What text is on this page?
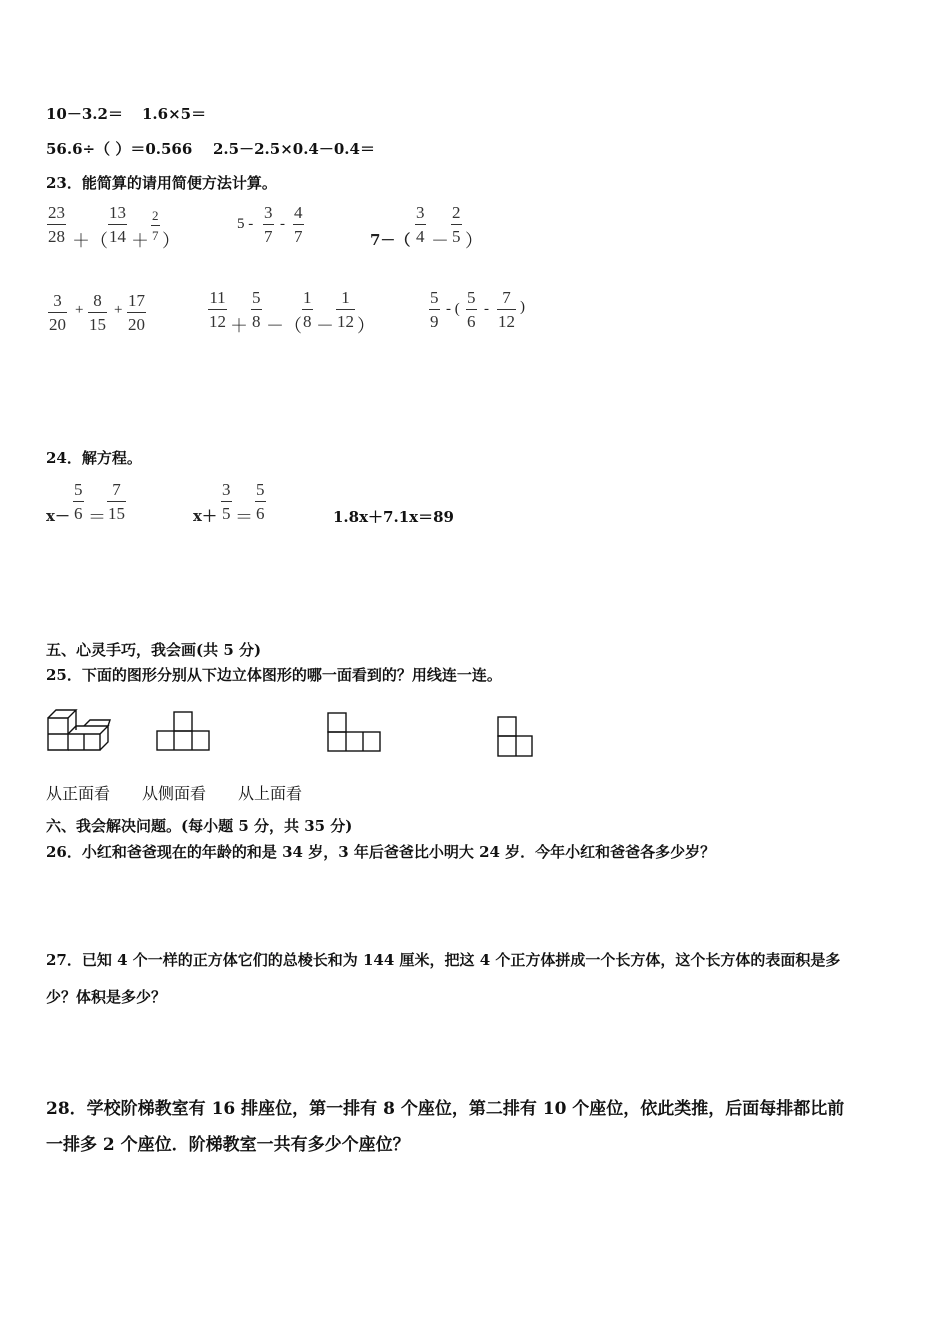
10－3.2＝ 1.6×5＝
56.6÷（ ）＝0.566 2.5－2.5×0.4－0.4＝
23．能简算的请用简便方法计算。
23
28 ＋（
13
14 ＋
2
7 ）
5 -
3
7
-
4
7	7－（
3
4 －
2
5 ）
3
20
+ 8
15
+ 17
20
11
12 ＋
5
8 －（
1
8 －
1
12 ）
5
9
- (
5
6
-
7
12
)
24．解方程。
x－
5
6 ＝
7
15	x＋
3
5 ＝
5
6	1.8x＋7.1x＝89
五、心灵手巧，我会画(共 5 分)
25．下面的图形分别从下边立体图形的哪一面看到的？用线连一连。
从正面看 从侧面看 从上面看
六、我会解决问题。(每小题 5 分，共 35 分)
26．小红和爸爸现在的年龄的和是 34 岁，3 年后爸爸比小明大 24 岁．今年小红和爸爸各多少岁？
27．已知 4 个一样的正方体它们的总棱长和为 144 厘米，把这 4 个正方体拼成一个长方体，这个长方体的表面积是多
少？体积是多少？
28．学校阶梯教室有 16 排座位，第一排有 8 个座位，第二排有 10 个座位，依此类推，后面每排都比前
一排多 2 个座位．阶梯教室一共有多少个座位？
